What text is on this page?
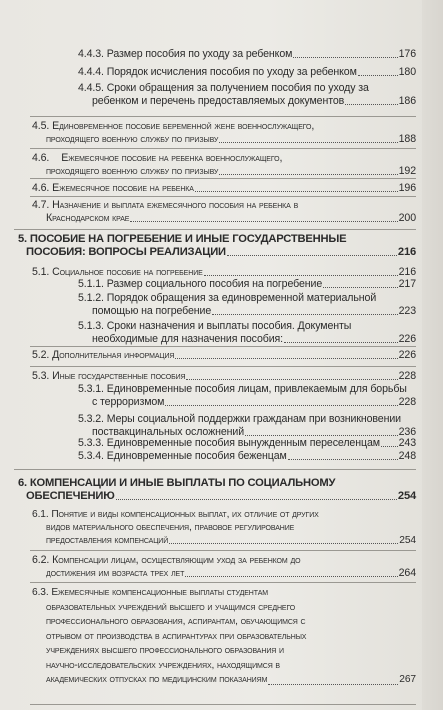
4.4.3. Размер пособия по уходу за ребенком	176
4.4.4. Порядок исчисления пособия по уходу за ребенком	180
4.4.5. Сроки обращения за получением пособия по уходу за
ребенком и перечень предоставляемых документов	186
4.5. Единовременное пособие беременной жене военнослужащего,
проходящего военную службу по призыву	188
4.6.	Ежемесячное пособие на ребенка военнослужащего,
проходящего военную службу по призыву	192
4.6. Ежемесячное пособие на ребенка	196
4.7. Назначение и выплата ежемесячного пособия на ребенка в
Краснодарском крае	200
5. ПОСОБИЕ НА ПОГРЕБЕНИЕ И ИНЫЕ ГОСУДАРСТВЕННЫЕ
ПОСОБИЯ: ВОПРОСЫ РЕАЛИЗАЦИИ	216
5.1. Социальное пособие на погребение	216
5.1.1. Размер социального пособия на погребение	217
5.1.2. Порядок обращения за единовременной материальной
помощью на погребение	223
5.1.3. Сроки назначения и выплаты пособия. Документы
необходимые для назначения пособия:	226
5.2. Дополнительная информация	226
5.3. Иные государственные пособия	228
5.3.1. Единовременные пособия лицам, привлекаемым для борьбы
с терроризмом	228
5.3.2. Меры социальной поддержки гражданам при возникновении
поствакцинальных осложнений	236
5.3.3. Единовременные пособия вынужденным переселенцам 243
5.3.4. Единовременные пособия беженцам	248
6. КОМПЕНСАЦИИ И ИНЫЕ ВЫПЛАТЫ ПО СОЦИАЛЬНОМУ
ОБЕСПЕЧЕНИЮ	254
6.1. Понятие и виды компенсационных выплат, их отличие от других
видов материального обеспечения, правовое регулирование
предоставления компенсаций	254
6.2. Компенсации лицам, осуществляющим уход за ребенком до
достижения им возраста трех лет	264
6.3. Ежемесячные компенсационные выплаты студентам
образовательных учреждений высшего и учащимся среднего
профессионального образования, аспирантам, обучающимся с
отрывом от производства в аспирантурах при образовательных
учреждениях высшего профессионального образования и
научно-исследовательских учреждениях, находящимся в
академических отпусках по медицинским показаниям	267
